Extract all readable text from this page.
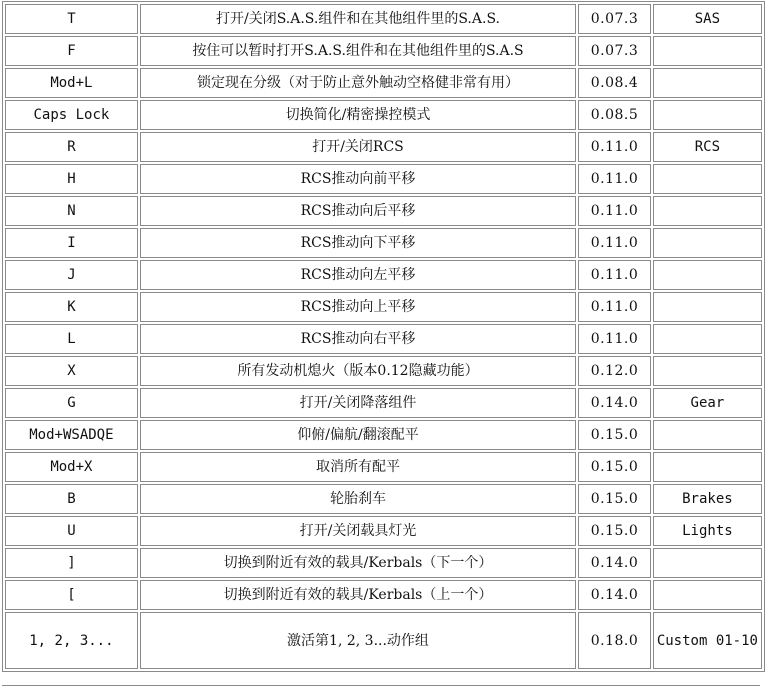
T	打开/关闭S.A.S.组件和在其他组件里的S.A.S.	0.07.3	SAS
F	按住可以暂时打开S.A.S.组件和在其他组件里的S.A.S	0.07.3	
Mod+L	锁定现在分级（对于防止意外触动空格健非常有用）	0.08.4	
Caps Lock	切换简化/精密操控模式	0.08.5	
R	打开/关闭RCS	0.11.0	RCS
H	RCS推动向前平移	0.11.0	
N	RCS推动向后平移	0.11.0	
I	RCS推动向下平移	0.11.0	
J	RCS推动向左平移	0.11.0	
K	RCS推动向上平移	0.11.0	
L	RCS推动向右平移	0.11.0	
X	所有发动机熄火（版本0.12隐藏功能）	0.12.0	
G	打开/关闭降落组件	0.14.0	Gear
Mod+WSADQE	仰俯/偏航/翻滚配平	0.15.0	
Mod+X	取消所有配平	0.15.0	
B	轮胎刹车	0.15.0	Brakes
U	打开/关闭载具灯光	0.15.0	Lights
]	切换到附近有效的载具/Kerbals（下一个）	0.14.0	
[	切换到附近有效的载具/Kerbals（上一个）	0.14.0	
1, 2, 3...	激活第1, 2, 3...动作组	0.18.0	Custom 01-10
